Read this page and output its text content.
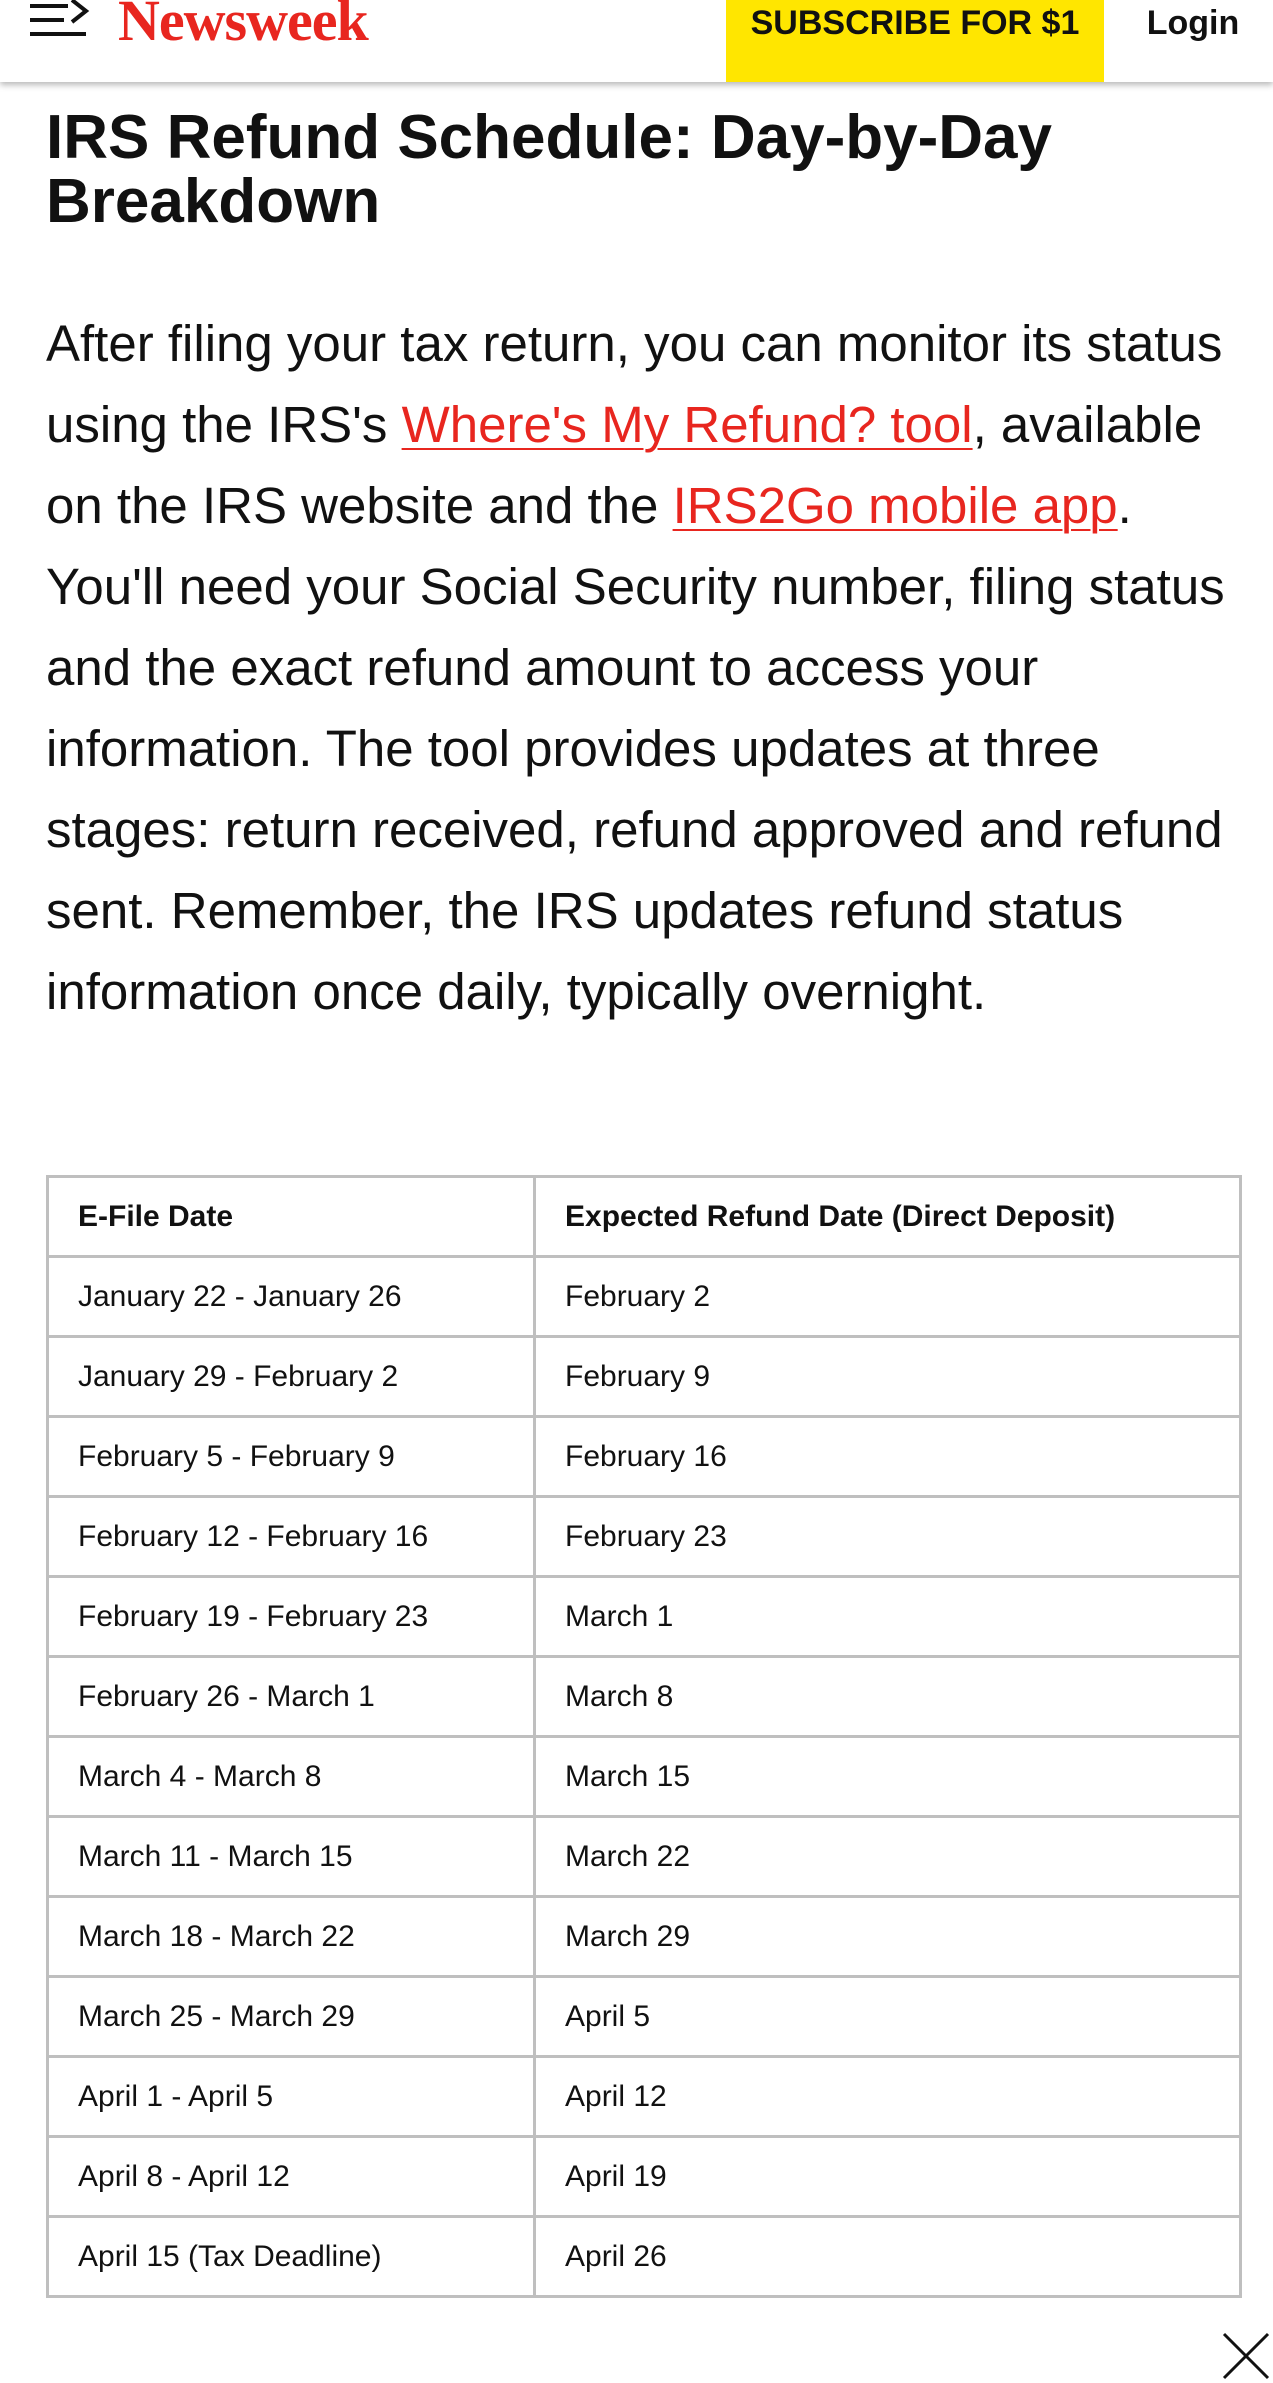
Newsweek	SUBSCRIBE FOR $1	Login
IRS Refund Schedule: Day-by-Day Breakdown

After filing your tax return, you can monitor its status using the IRS's Where's My Refund? tool, available on the IRS website and the IRS2Go mobile app. You'll need your Social Security number, filing status and the exact refund amount to access your information. The tool provides updates at three stages: return received, refund approved and refund sent. Remember, the IRS updates refund status information once daily, typically overnight.

E-File Date	Expected Refund Date (Direct Deposit)
January 22 - January 26	February 2
January 29 - February 2	February 9
February 5 - February 9	February 16
February 12 - February 16	February 23
February 19 - February 23	March 1
February 26 - March 1	March 8
March 4 - March 8	March 15
March 11 - March 15	March 22
March 18 - March 22	March 29
March 25 - March 29	April 5
April 1 - April 5	April 12
April 8 - April 12	April 19
April 15 (Tax Deadline)	April 26
